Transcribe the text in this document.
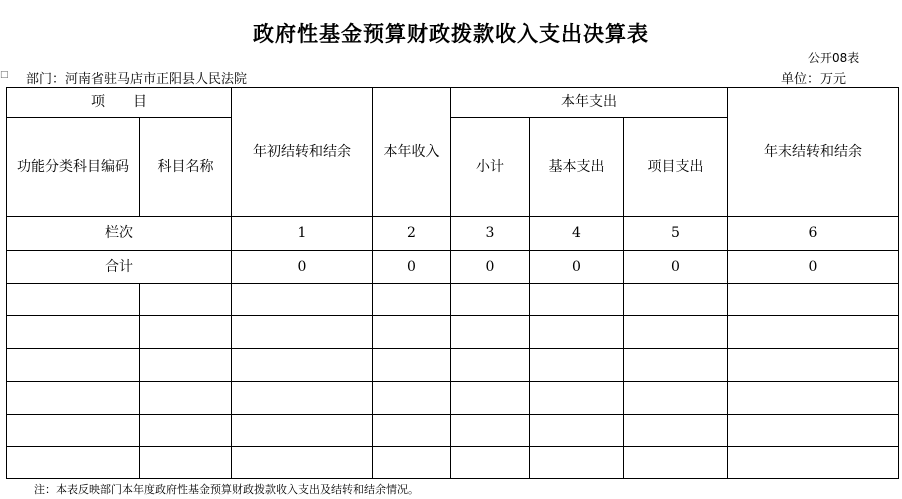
政府性基金预算财政拨款收入支出决算表
公开08表
□ 部门：河南省驻马店市正阳县人民法院	单位：万元
项　　目		年初结转和结余	本年收入	本年支出			年末结转和结余
功能分类科目编码	科目名称			小计	基本支出	项目支出	
栏次		1	2	3	4	5	6
合计		0	0	0	0	0	0

注：本表反映部门本年度政府性基金预算财政拨款收入支出及结转和结余情况。
